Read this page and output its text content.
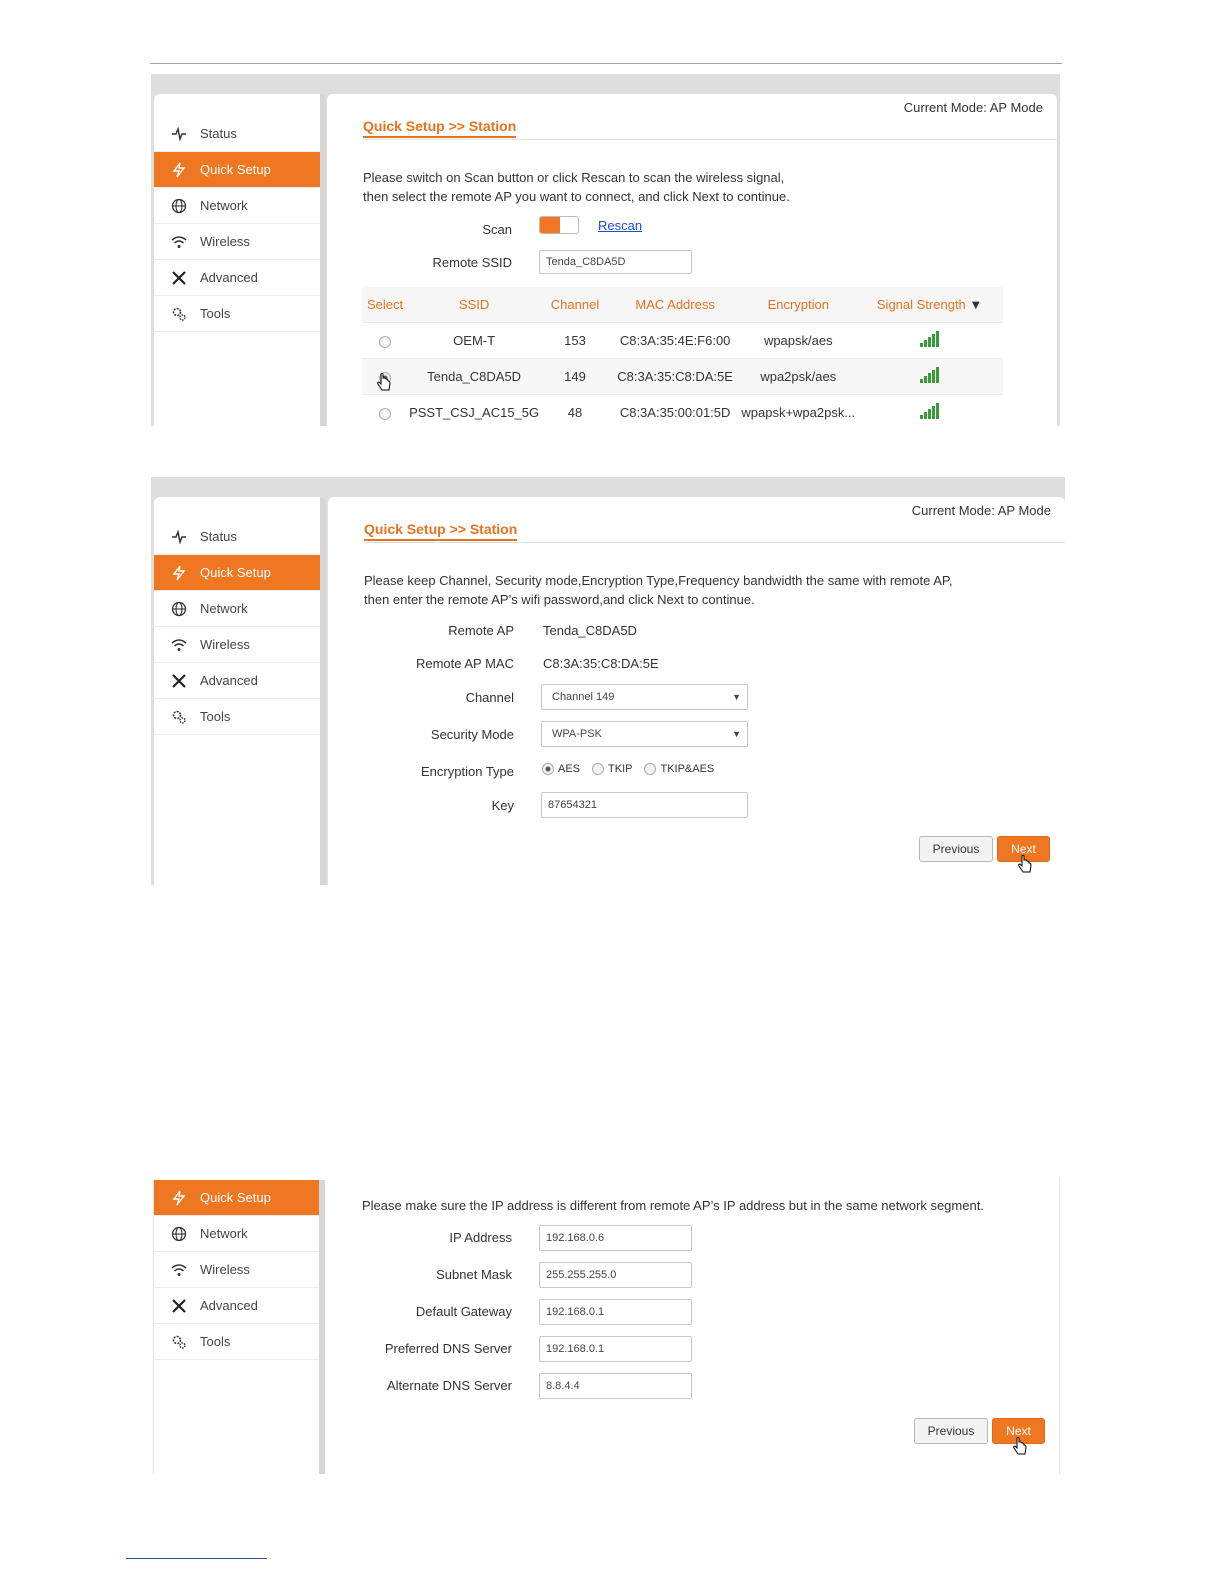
Status
Quick Setup
Network
Wireless
Advanced
Tools
Current Mode: AP Mode
Quick Setup >> Station
Please switch on Scan button or click Rescan to scan the wireless signal,
then select the remote AP you want to connect, and click Next to continue.
Scan	Rescan
Remote SSID
Tenda_C8DA5D
Select	SSID	Channel	MAC Address	Encryption	Signal Strength ▼
	OEM-T	153	C8:3A:35:4E:F6:00	wpapsk/aes	

	Tenda_C8DA5D	149	C8:3A:35:C8:DA:5E	wpa2psk/aes	

	PSST_CSJ_AC15_5G	48	C8:3A:35:00:01:5D	wpapsk+wpa2psk...	
Status
Quick Setup
Network
Wireless
Advanced
Tools
Current Mode: AP Mode
Quick Setup >> Station
Please keep Channel, Security mode,Encryption Type,Frequency bandwidth the same with remote AP,
then enter the remote AP’s wifi password,and click Next to continue.
Remote AP Tenda_C8DA5D
Remote AP MAC C8:3A:35:C8:DA:5E
Channel	Channel 149	▼
Security Mode	WPA-PSK	▼
Encryption Type	AES	TKIP	TKIP&AES
Key
87654321
Previous	Next
Quick Setup
Network
Wireless
Advanced
Tools
Please make sure the IP address is different from remote AP’s IP address but in the same network segment.
IP Address
192.168.0.6
Subnet Mask
255.255.255.0
Default Gateway
192.168.0.1
Preferred DNS Server
192.168.0.1
Alternate DNS Server
8.8.4.4
Previous	Next
